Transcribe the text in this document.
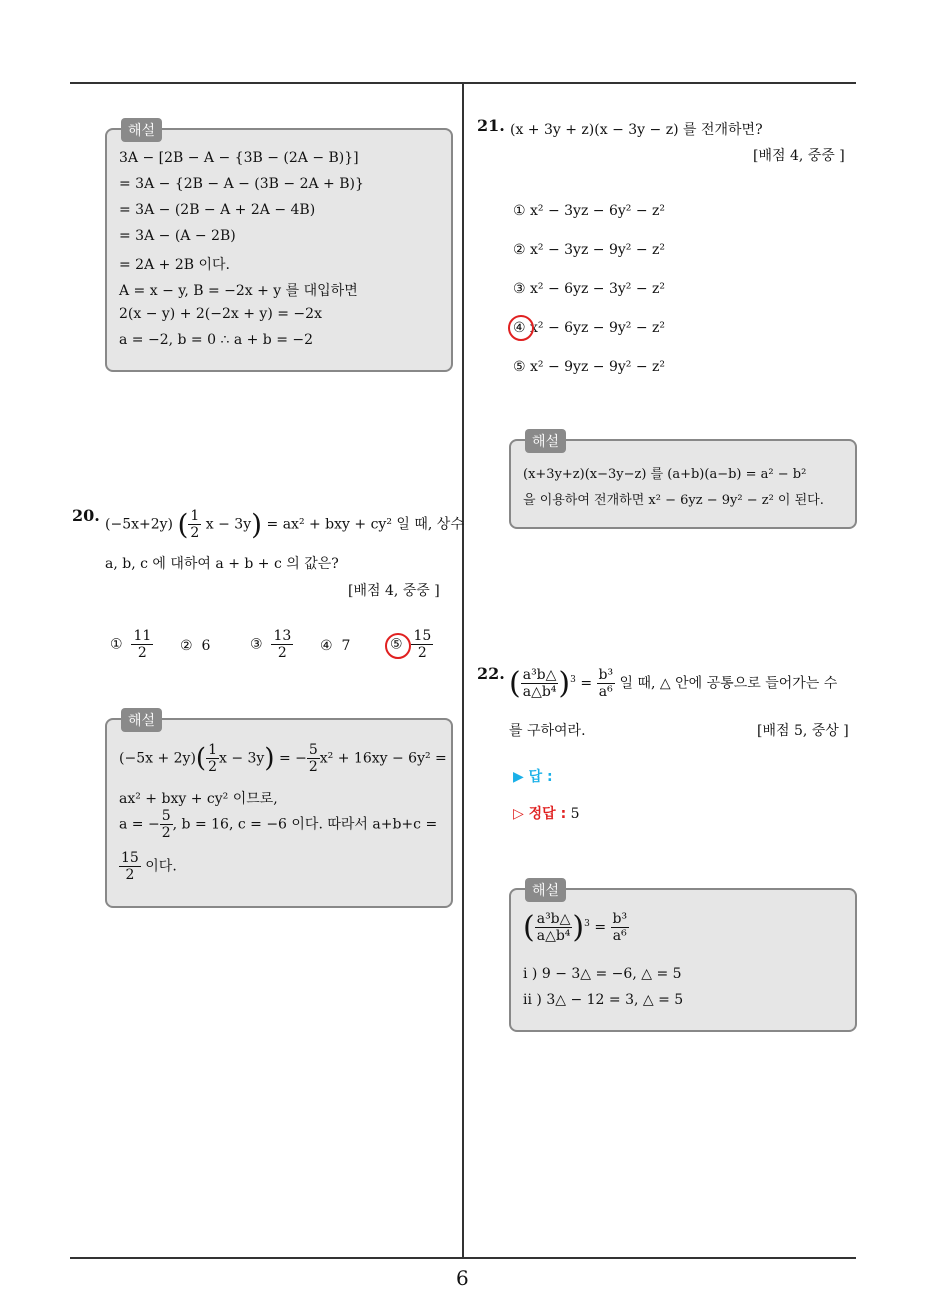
6
해설
3A − [2B − A − {3B − (2A − B)}]
= 3A − {2B − A − (3B − 2A + B)}
= 3A − (2B − A + 2A − 4B)
= 3A − (A − 2B)
= 2A + 2B 이다.
A = x − y, B = −2x + y 를 대입하면
2(x − y) + 2(−2x + y) = −2x
a = −2, b = 0 ∴ a + b = −2
20. (−5x+2y) ( $\frac{1}{2}$ x − 3y) = ax² + bxy + cy² 일 때, 상수
a, b, c 에 대하여 a + b + c 의 값은?
[배점 4, 중중 ]
① $\frac{11}{2}$ ② 6	③ $\frac{13}{2}$ ④ 7	⑤ $\frac{15}{2}$
해설
$(-5x + 2y)( \frac{1}{2}$ x − 3y) = − $\frac{5}{2} x^2 + 16xy - 6y^2$ =
ax² + bxy + cy² 이므로,
a = − $\frac{5}{2}$ , b = 16, c = −6 이다. 따라서 a+b+c =
$\frac{15}{2}$ 이다.
21. (x + 3y + z)(x − 3y − z) 를 전개하면?
[배점 4, 중중 ]
① x² − 3yz − 6y² − z²
② x² − 3yz − 9y² − z²
③ x² − 6yz − 3y² − z²
④ x² − 6yz − 9y² − z²
⑤ x² − 9yz − 9y² − z²
해설
(x+3y+z)(x−3y−z) 를 (a+b)(a−b) = a² − b²
을 이용하여 전개하면 x² − 6yz − 9y² − z² 이 된다.
22. ( $\frac{\text{a³b△}}{\text{a△b⁴}} )^3 = \frac{\text{b³}}{\text{a⁶}}$ 일 때, △ 안에 공통으로 들어가는 수
를 구하여라.	[배점 5, 중상 ]
▶ 답 :
▷ 정답 : 5
해설
( $\frac{\text{a³b△}}{\text{a△b⁴}} )^3 = \frac{\text{b³}}{\text{a⁶}}$
i ) 9 − 3△ = −6, △ = 5
ii ) 3△ − 12 = 3, △ = 5
